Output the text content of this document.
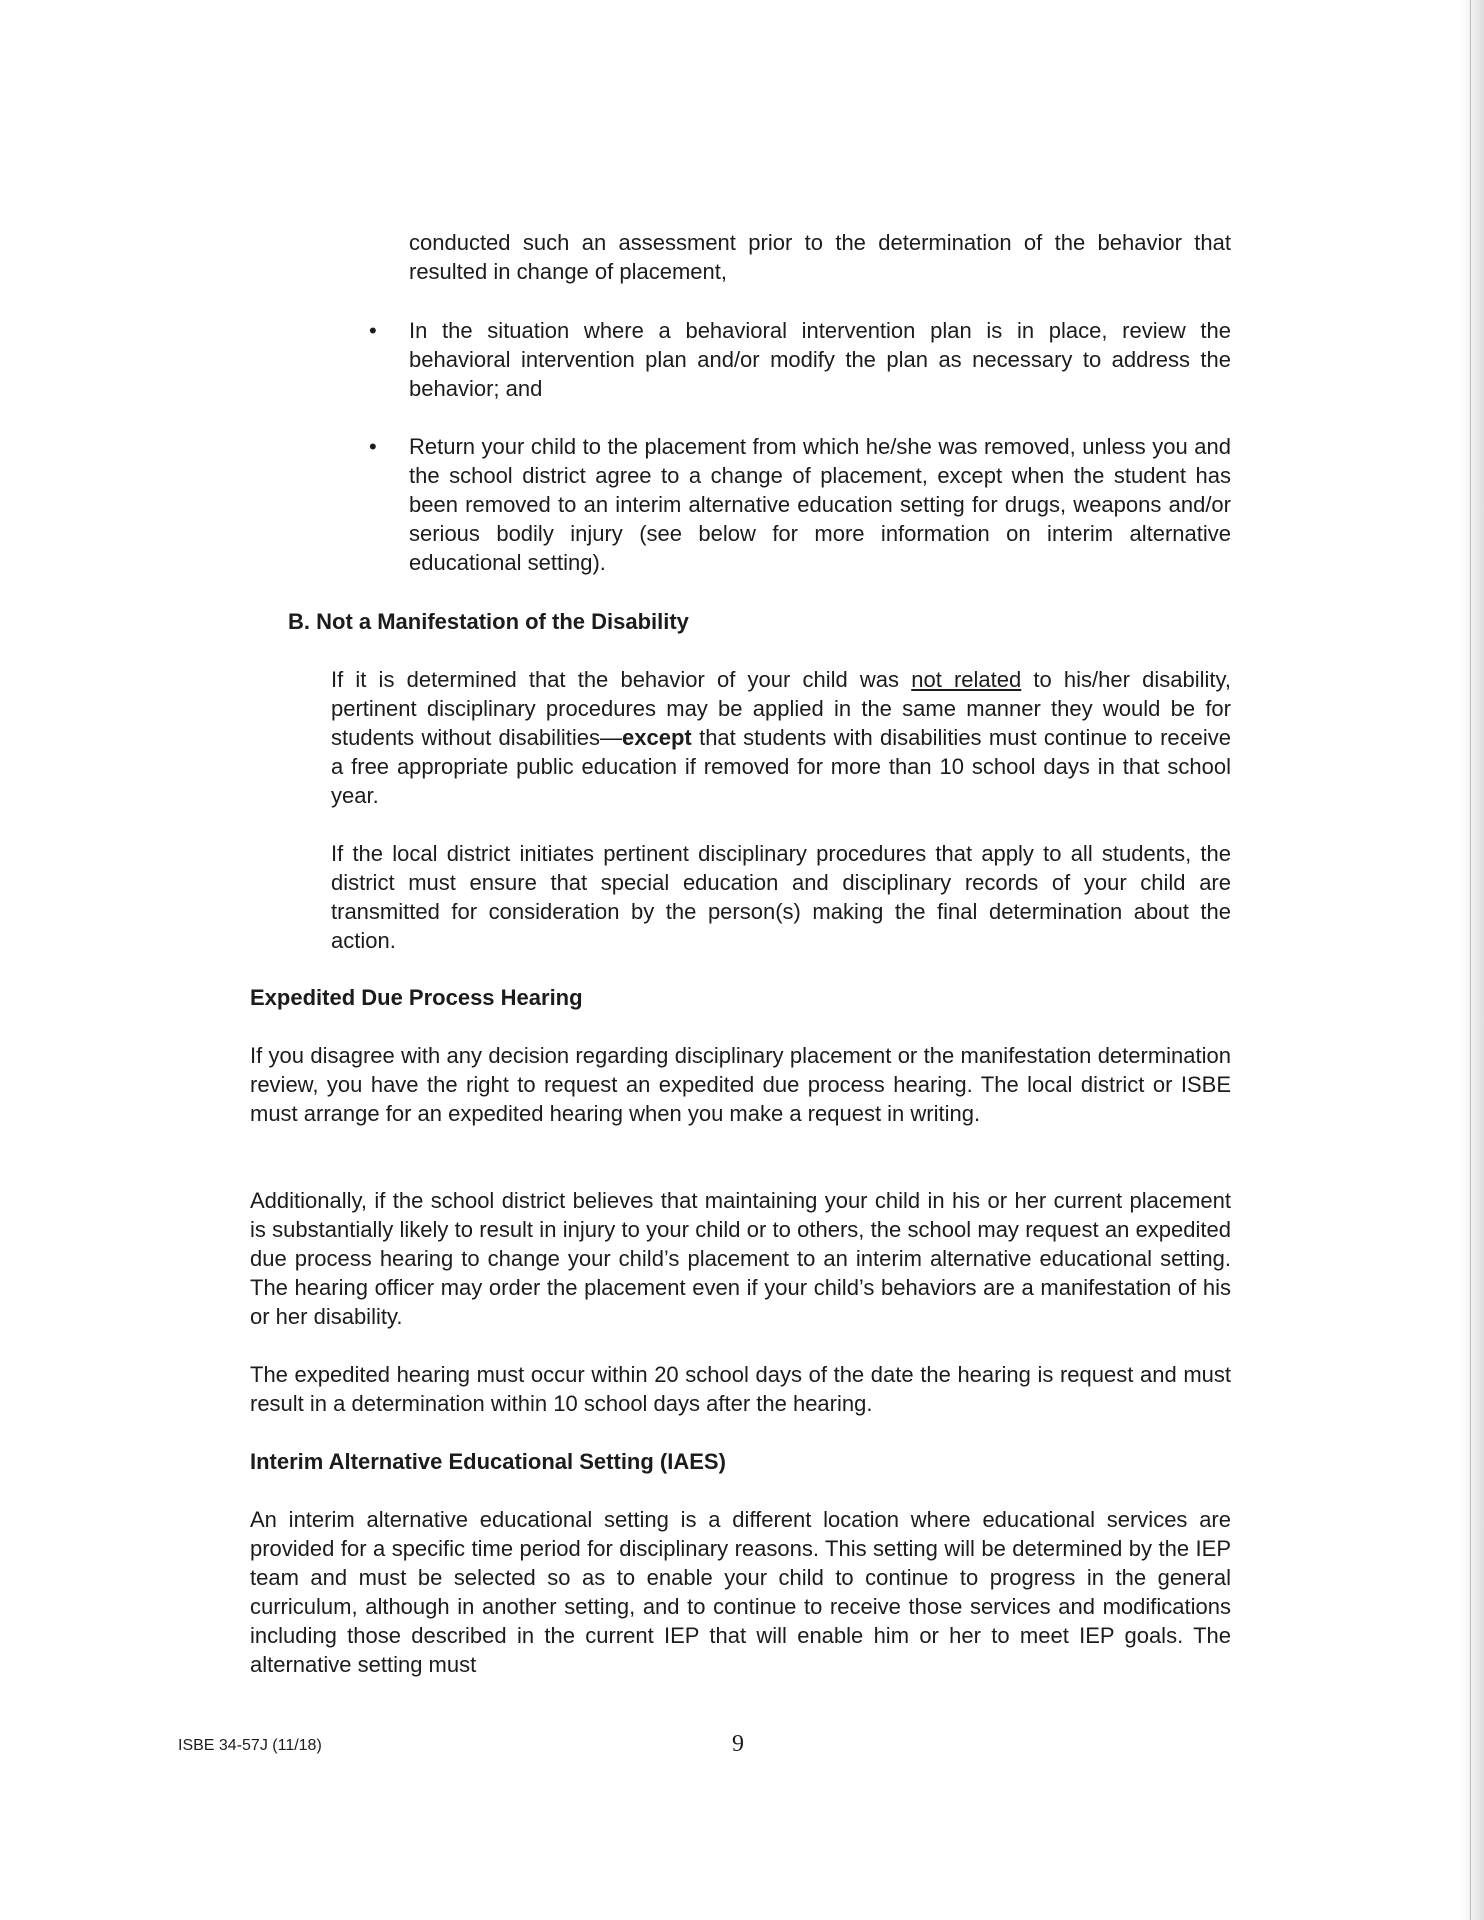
conducted such an assessment prior to the determination of the behavior that resulted in change of placement,

• In the situation where a behavioral intervention plan is in place, review the behavioral intervention plan and/or modify the plan as necessary to address the behavior; and

• Return your child to the placement from which he/she was removed, unless you and the school district agree to a change of placement, except when the student has been removed to an interim alternative education setting for drugs, weapons and/or serious bodily injury (see below for more information on interim alternative educational setting).

B. Not a Manifestation of the Disability

If it is determined that the behavior of your child was not related to his/her disability, pertinent disciplinary procedures may be applied in the same manner they would be for students without disabilities—except that students with disabilities must continue to receive a free appropriate public education if removed for more than 10 school days in that school year.

If the local district initiates pertinent disciplinary procedures that apply to all students, the district must ensure that special education and disciplinary records of your child are transmitted for consideration by the person(s) making the final determination about the action.

Expedited Due Process Hearing

If you disagree with any decision regarding disciplinary placement or the manifestation determination review, you have the right to request an expedited due process hearing. The local district or ISBE must arrange for an expedited hearing when you make a request in writing.

Additionally, if the school district believes that maintaining your child in his or her current placement is substantially likely to result in injury to your child or to others, the school may request an expedited due process hearing to change your child’s placement to an interim alternative educational setting. The hearing officer may order the placement even if your child’s behaviors are a manifestation of his or her disability.

The expedited hearing must occur within 20 school days of the date the hearing is request and must result in a determination within 10 school days after the hearing.

Interim Alternative Educational Setting (IAES)

An interim alternative educational setting is a different location where educational services are provided for a specific time period for disciplinary reasons. This setting will be determined by the IEP team and must be selected so as to enable your child to continue to progress in the general curriculum, although in another setting, and to continue to receive those services and modifications including those described in the current IEP that will enable him or her to meet IEP goals. The alternative setting must

ISBE 34-57J (11/18)	9
